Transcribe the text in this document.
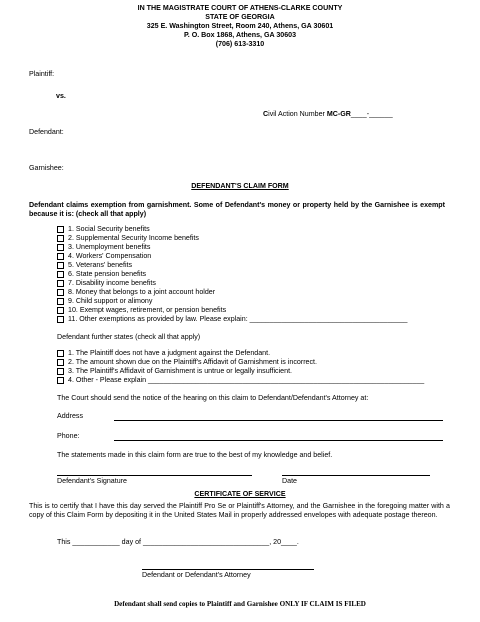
IN THE MAGISTRATE COURT OF ATHENS-CLARKE COUNTY
STATE OF GEORGIA
325 E. Washington Street, Room 240, Athens, GA 30601
P. O. Box 1868, Athens, GA 30603
(706) 613-3310
Plaintiff:
vs.
Civil Action Number MC-GR____-______
Defendant:
Garnishee:
DEFENDANT'S CLAIM FORM
Defendant claims exemption from garnishment. Some of Defendant's money or property held by the Garnishee is exempt because it is: (check all that apply)
1. Social Security benefits
2. Supplemental Security Income benefits
3. Unemployment benefits
4. Workers' Compensation
5. Veterans' benefits
6. State pension benefits
7. Disability income benefits
8. Money that belongs to a joint account holder
9. Child support or alimony
10. Exempt wages, retirement, or pension benefits
11. Other exemptions as provided by law. Please explain: ________________________________________
Defendant further states (check all that apply)
1. The Plaintiff does not have a judgment against the Defendant.
2. The amount shown due on the Plaintiff's Affidavit of Garnishment is incorrect.
3. The Plaintiff's Affidavit of Garnishment is untrue or legally insufficient.
4. Other - Please explain ______________________________________________________________________
The Court should send the notice of the hearing on this claim to Defendant/Defendant's Attorney at:
Address
Phone:
The statements made in this claim form are true to the best of my knowledge and belief.
Defendant's Signature	Date
CERTIFICATE OF SERVICE
This is to certify that I have this day served the Plaintiff Pro Se or Plaintiff's Attorney, and the Garnishee in the foregoing matter with a copy of this Claim Form by depositing it in the United States Mail in properly addressed envelopes with adequate postage thereon.
This ____________ day of ________________________________, 20____.
Defendant or Defendant's Attorney
Defendant shall send copies to Plaintiff and Garnishee ONLY IF CLAIM IS FILED
